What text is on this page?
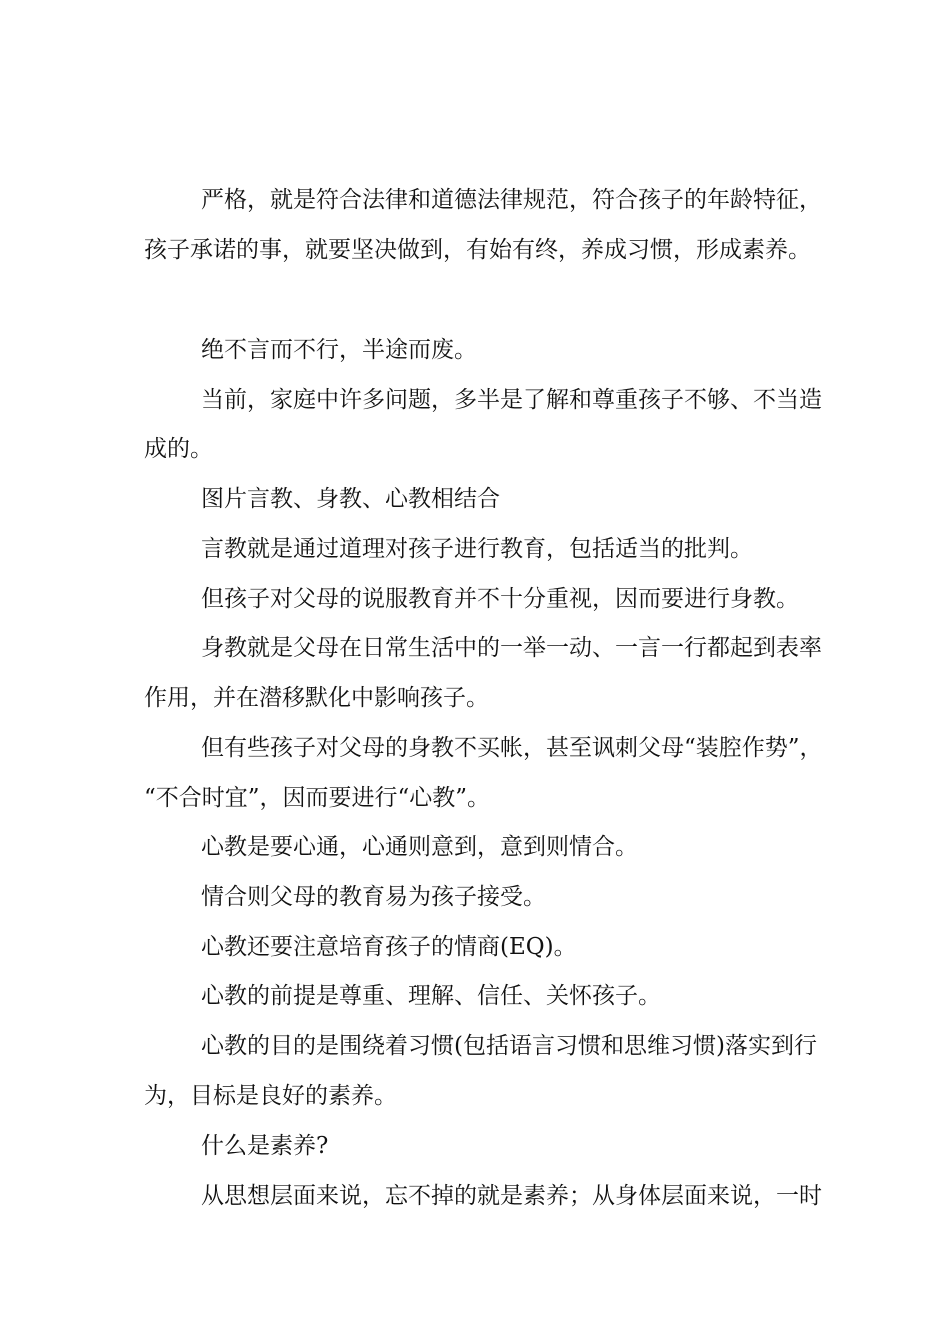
严格，就是符合法律和道德法律规范，符合孩子的年龄特征，
孩子承诺的事，就要坚决做到，有始有终，养成习惯，形成素养。
绝不言而不行，半途而废。
当前，家庭中许多问题，多半是了解和尊重孩子不够、不当造
成的。
图片言教、身教、心教相结合
言教就是通过道理对孩子进行教育，包括适当的批判。
但孩子对父母的说服教育并不十分重视，因而要进行身教。
身教就是父母在日常生活中的一举一动、一言一行都起到表率
作用，并在潜移默化中影响孩子。
但有些孩子对父母的身教不买帐，甚至讽刺父母“装腔作势”，
“不合时宜”，因而要进行“心教”。
心教是要心通，心通则意到，意到则情合。
情合则父母的教育易为孩子接受。
心教还要注意培育孩子的情商(EQ)。
心教的前提是尊重、理解、信任、关怀孩子。
心教的目的是围绕着习惯(包括语言习惯和思维习惯)落实到行
为，目标是良好的素养。
什么是素养?
从思想层面来说，忘不掉的就是素养；从身体层面来说，一时
